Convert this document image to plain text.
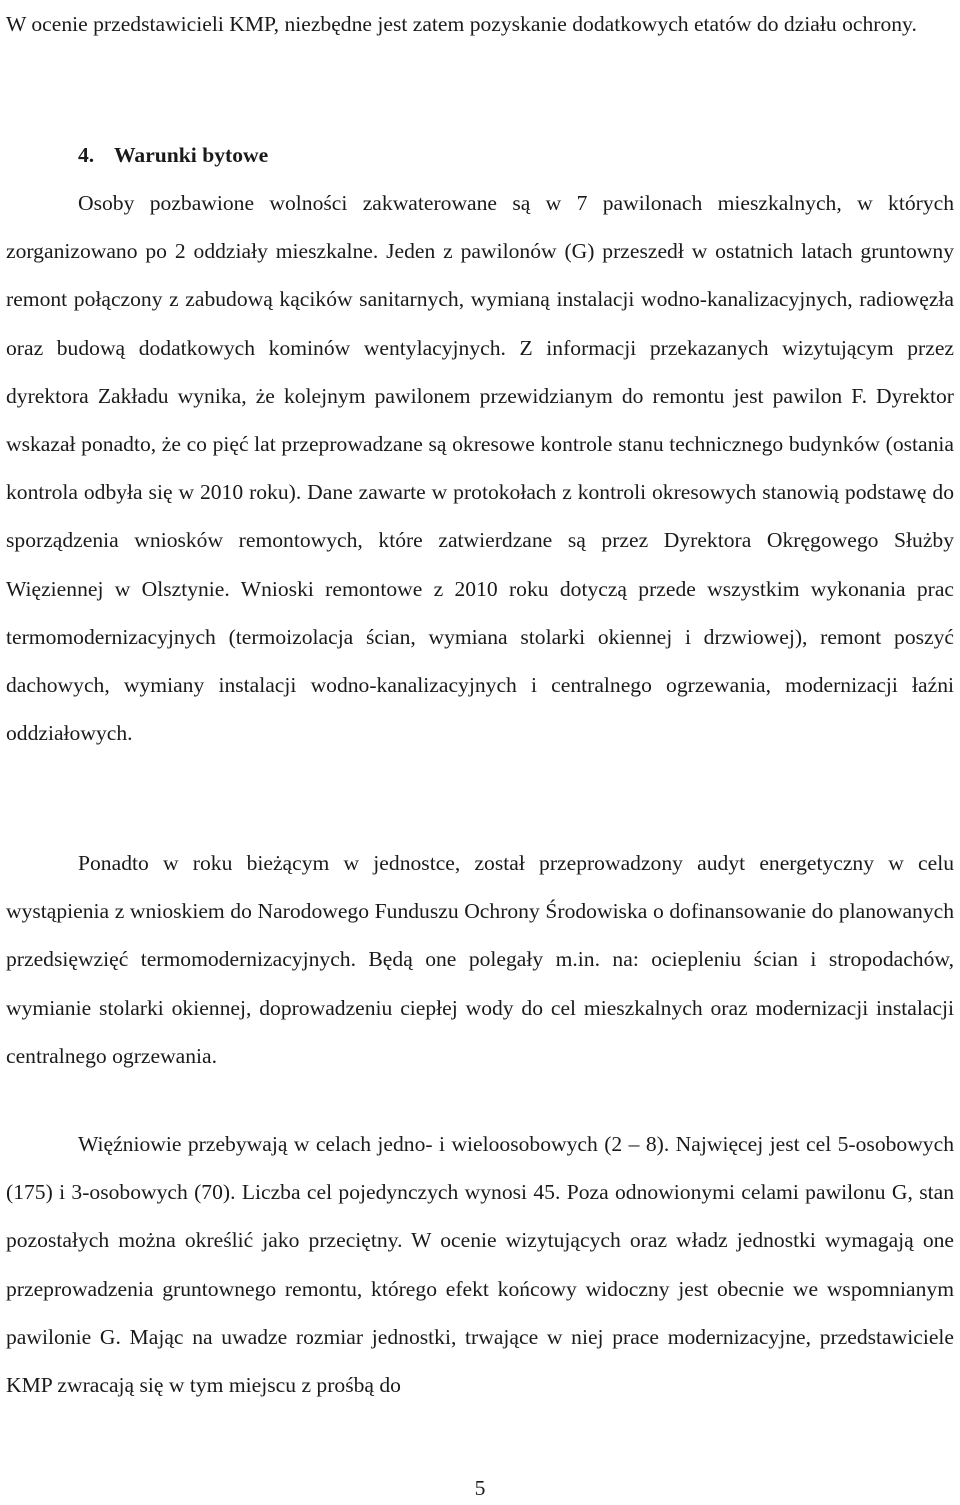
W ocenie przedstawicieli KMP, niezbędne jest zatem pozyskanie dodatkowych etatów do działu ochrony.

4. Warunki bytowe

Osoby pozbawione wolności zakwaterowane są w 7 pawilonach mieszkalnych, w których zorganizowano po 2 oddziały mieszkalne. Jeden z pawilonów (G) przeszedł w ostatnich latach gruntowny remont połączony z zabudową kącików sanitarnych, wymianą instalacji wodno-kanalizacyjnych, radiowęzła oraz budową dodatkowych kominów wentylacyjnych. Z informacji przekazanych wizytującym przez dyrektora Zakładu wynika, że kolejnym pawilonem przewidzianym do remontu jest pawilon F. Dyrektor wskazał ponadto, że co pięć lat przeprowadzane są okresowe kontrole stanu technicznego budynków (ostania kontrola odbyła się w 2010 roku). Dane zawarte w protokołach z kontroli okresowych stanowią podstawę do sporządzenia wniosków remontowych, które zatwierdzane są przez Dyrektora Okręgowego Służby Więziennej w Olsztynie. Wnioski remontowe z 2010 roku dotyczą przede wszystkim wykonania prac termomodernizacyjnych (termoizolacja ścian, wymiana stolarki okiennej i drzwiowej), remont poszyć dachowych, wymiany instalacji wodno-kanalizacyjnych i centralnego ogrzewania, modernizacji łaźni oddziałowych.

Ponadto w roku bieżącym w jednostce, został przeprowadzony audyt energetyczny w celu wystąpienia z wnioskiem do Narodowego Funduszu Ochrony Środowiska o dofinansowanie do planowanych przedsięwzięć termomodernizacyjnych. Będą one polegały m.in. na: ociepleniu ścian i stropodachów, wymianie stolarki okiennej, doprowadzeniu ciepłej wody do cel mieszkalnych oraz modernizacji instalacji centralnego ogrzewania.

Więźniowie przebywają w celach jedno- i wieloosobowych (2 – 8). Najwięcej jest cel 5-osobowych (175) i 3-osobowych (70). Liczba cel pojedynczych wynosi 45. Poza odnowionymi celami pawilonu G, stan pozostałych można określić jako przeciętny. W ocenie wizytujących oraz władz jednostki wymagają one przeprowadzenia gruntownego remontu, którego efekt końcowy widoczny jest obecnie we wspomnianym pawilonie G. Mając na uwadze rozmiar jednostki, trwające w niej prace modernizacyjne, przedstawiciele KMP zwracają się w tym miejscu z prośbą do

5
